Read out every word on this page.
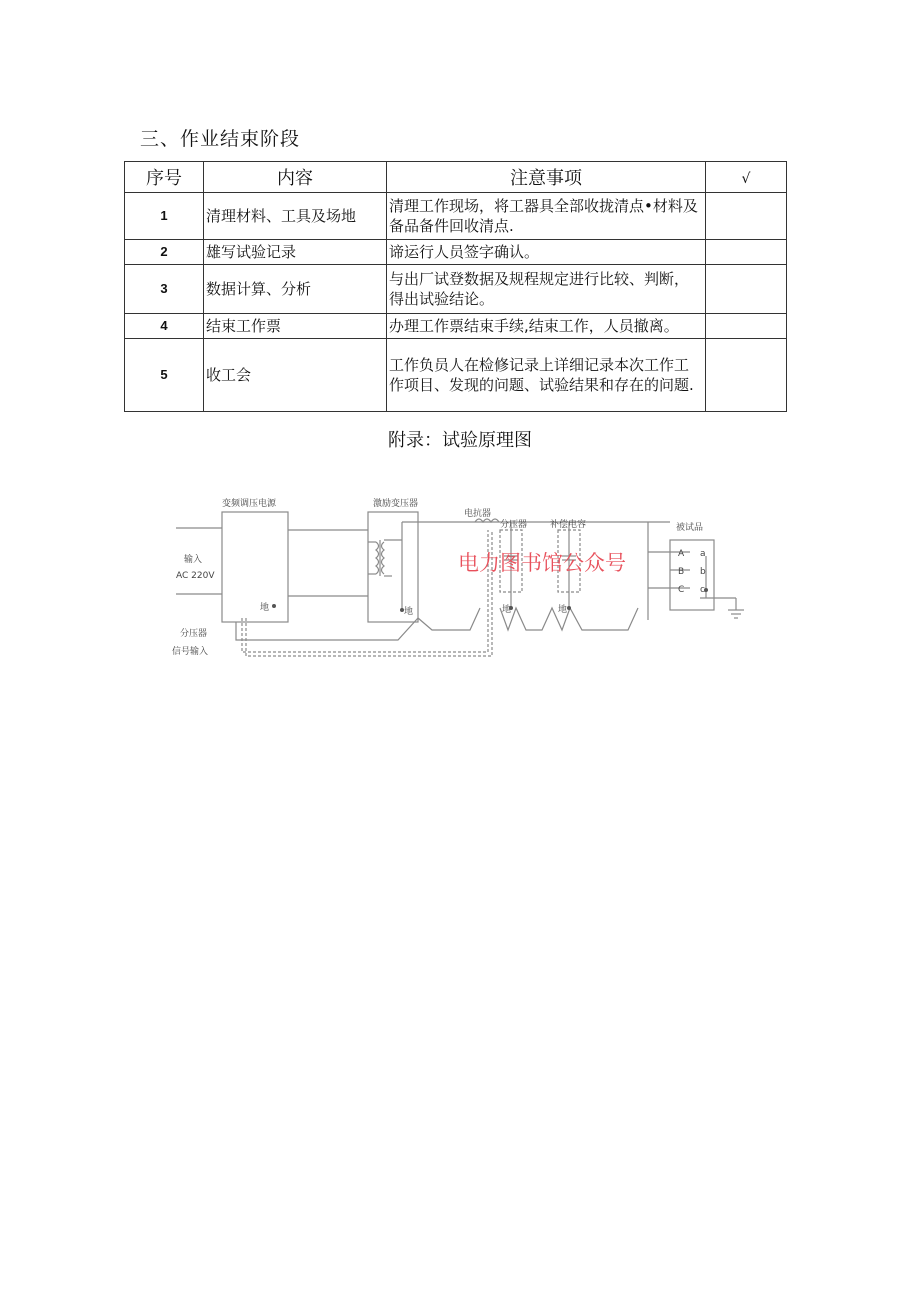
三、作业结束阶段
序号	内容	注意事项	√
1	清理材料、工具及场地	清理工作现场，将工器具全部收拢清点•材料及备品备件回收清点.	
2	雄写试验记录	谛运行人员签字确认。	
3	数据计算、分析	与出厂试登数据及规程规定进行比较、判断，得出试验结论。	
4	结束工作票	办理工作票结束手续,结束工作，人员撤离。	
5	收工会	工作负员人在检修记录上详细记录本次工作工作项目、发现的问题、试验结果和存在的问题.	
附录：试验原理图
变频调压电源	激励变压器
电抗器
分压器	补偿电容	被试品
输入
AC 220V
地	地	地	地
分压器
信号输入
A
B
C
a
b
c
电力图书馆公众号
